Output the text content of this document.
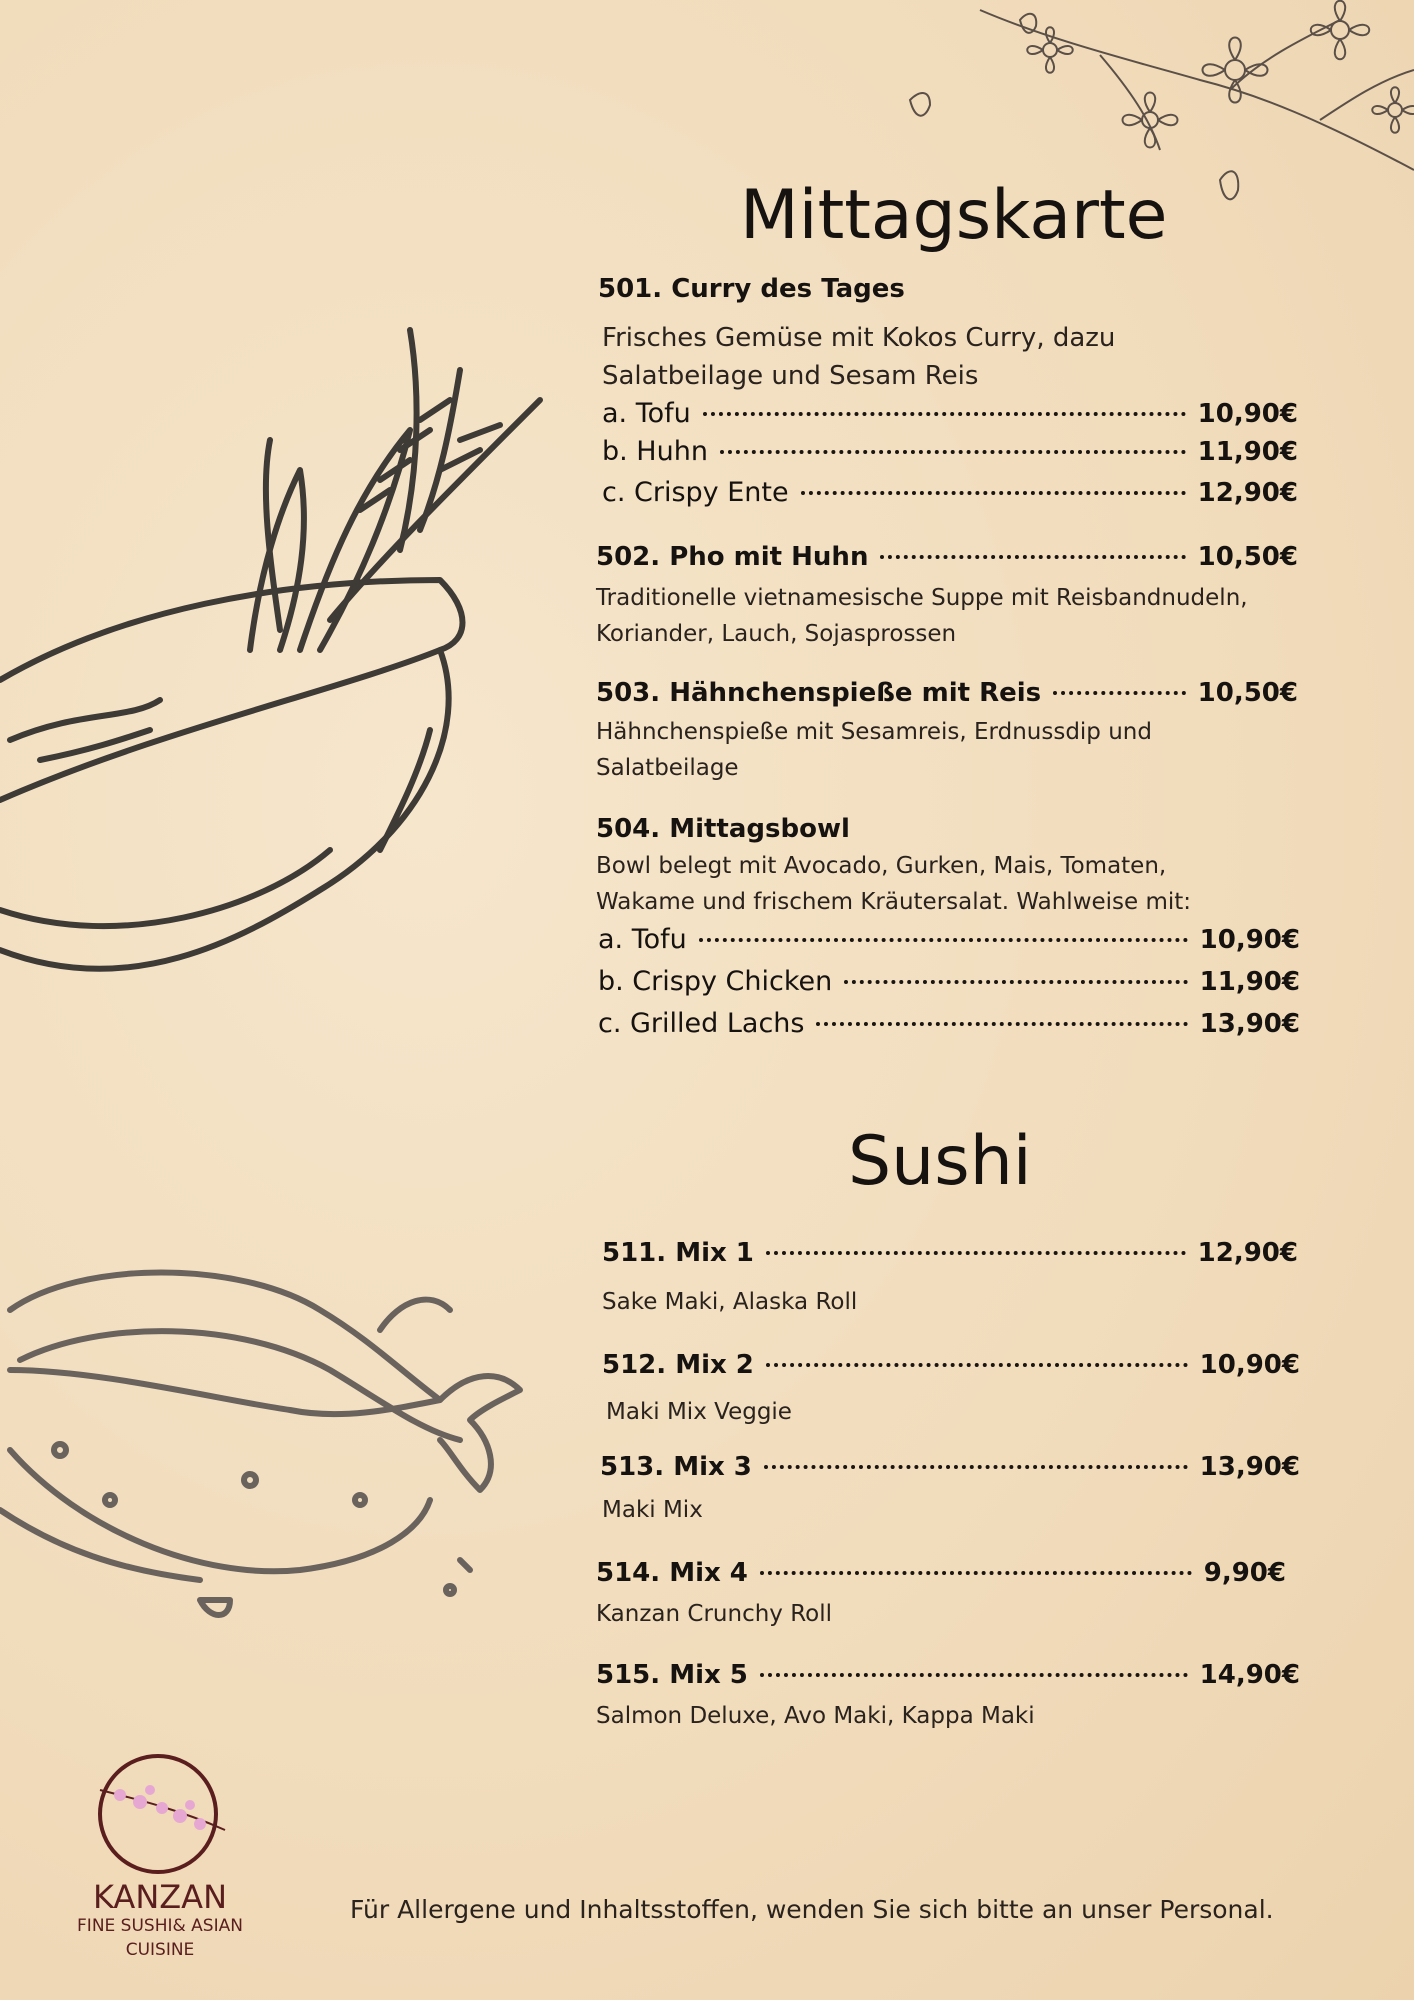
KANZAN
FINE SUSHI& ASIAN CUISINE
Mittagskarte
501. Curry des Tages
Frisches Gemüse mit Kokos Curry, dazu Salatbeilage und Sesam Reis
a. Tofu	10,90€
b. Huhn	11,90€
c. Crispy Ente	12,90€
502. Pho mit Huhn	10,50€
Traditionelle vietnamesische Suppe mit Reisbandnudeln, Koriander, Lauch, Sojasprossen
503. Hähnchenspieße mit Reis	10,50€
Hähnchenspieße mit Sesamreis, Erdnussdip und Salatbeilage
504. Mittagsbowl
Bowl belegt mit Avocado, Gurken, Mais, Tomaten, Wakame und frischem Kräutersalat. Wahlweise mit:
a. Tofu	10,90€
b. Crispy Chicken	11,90€
c. Grilled Lachs	13,90€
Sushi
511. Mix 1	12,90€
Sake Maki, Alaska Roll
512. Mix 2	10,90€
Maki Mix Veggie
513. Mix 3	13,90€
Maki Mix
514. Mix 4	9,90€
Kanzan Crunchy Roll
515. Mix 5	14,90€
Salmon Deluxe, Avo Maki, Kappa Maki
Für Allergene und Inhaltsstoffen, wenden Sie sich bitte an unser Personal.
